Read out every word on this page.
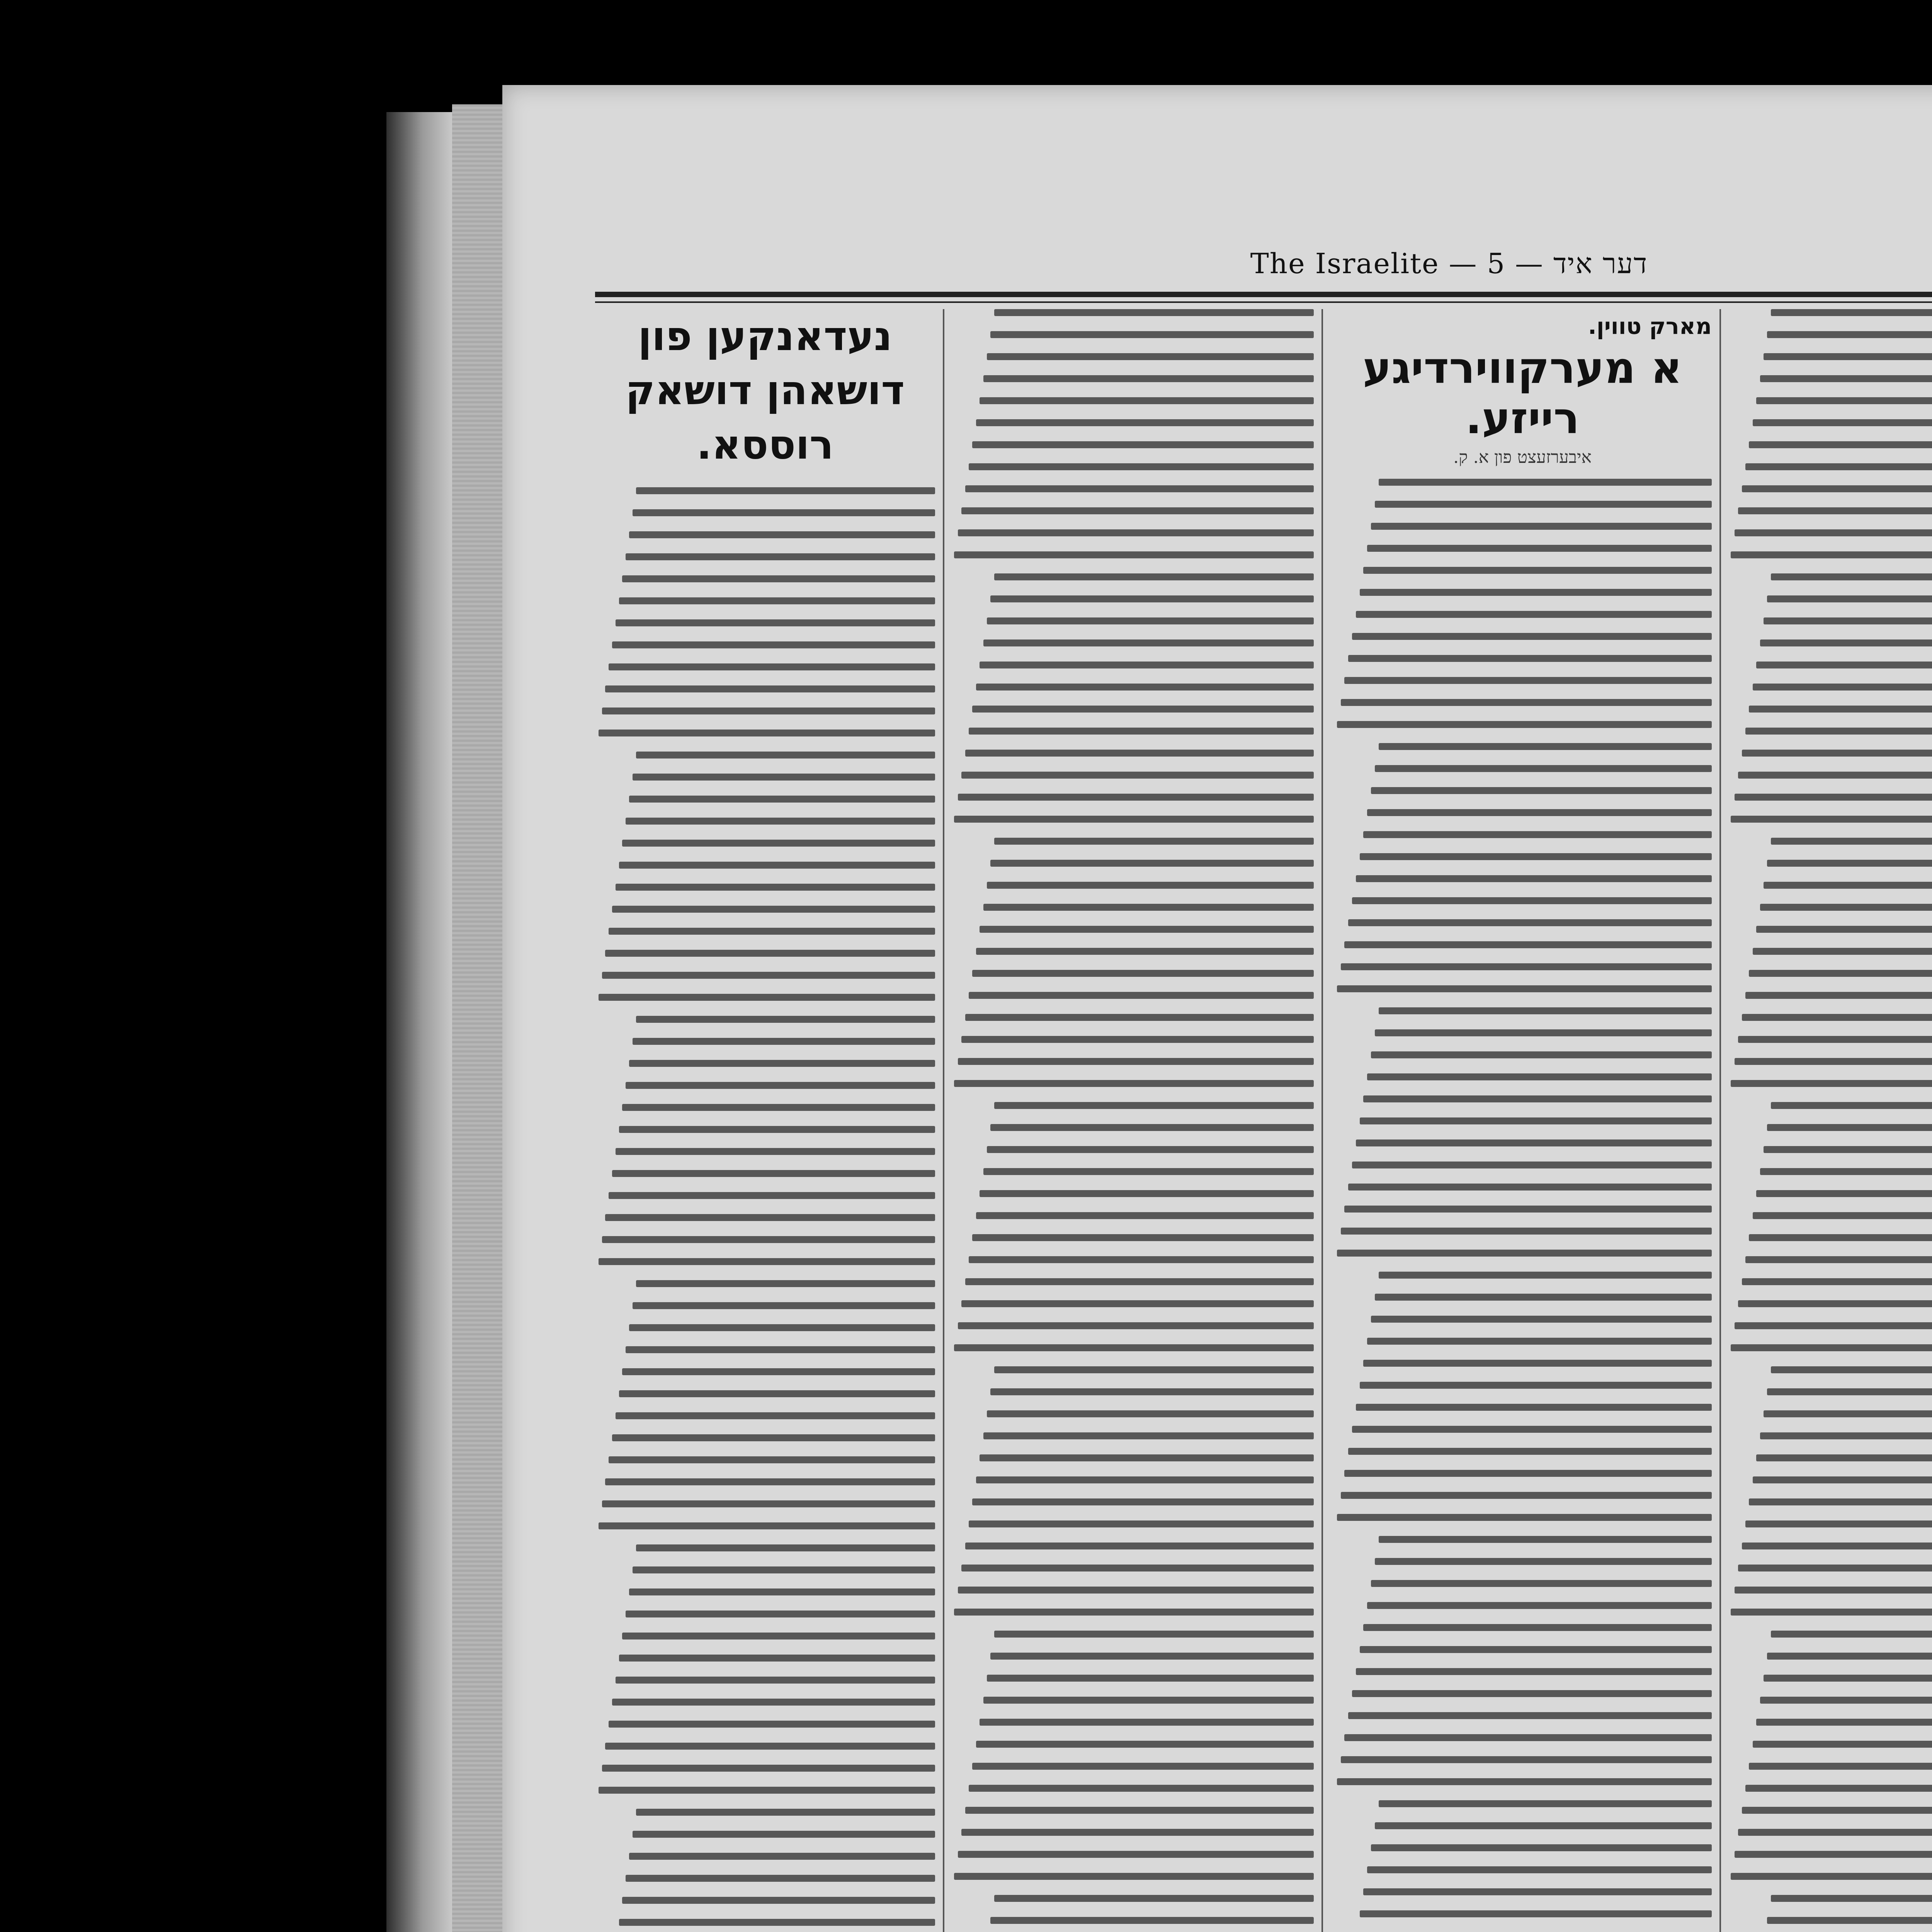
The Israelite — 5 — דער איד
מארק טווין.
א מערקווירדיגע רייזע.
איבערזעצט פון א. ק.
נעדאנקען פון דושאהן דושאק רוססא.
